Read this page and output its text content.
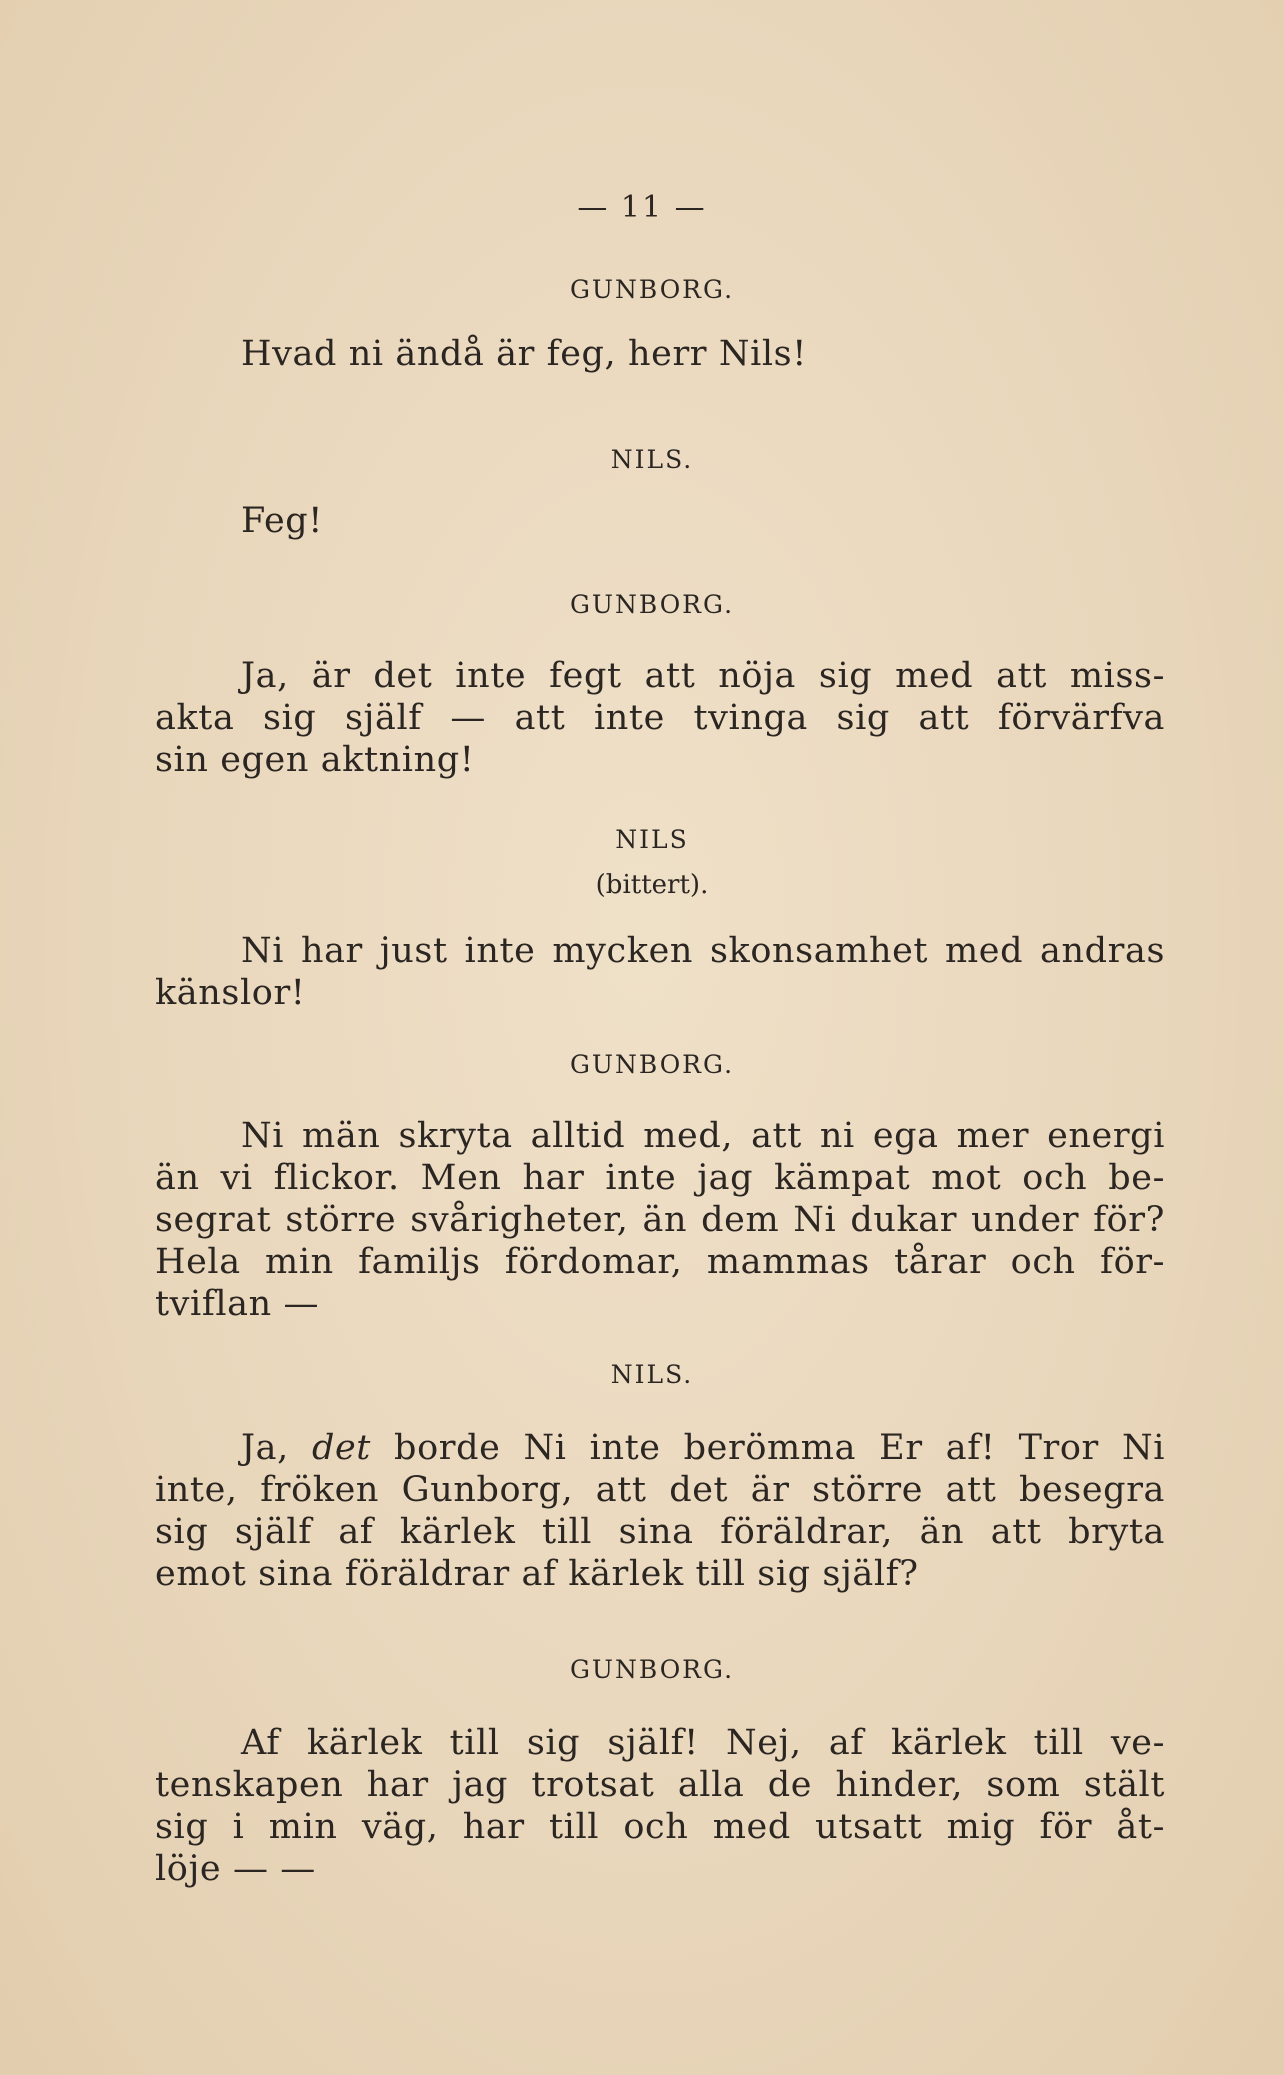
— 11 —
GUNBORG.
Hvad ni ändå är feg, herr Nils!
NILS.
Feg!
GUNBORG.
Ja, är det inte fegt att nöja sig med att miss-
akta sig själf — att inte tvinga sig att förvärfva
sin egen aktning!
NILS
(bittert).
Ni har just inte mycken skonsamhet med andras
känslor!
GUNBORG.
Ni män skryta alltid med, att ni ega mer energi
än vi flickor. Men har inte jag kämpat mot och be-
segrat större svårigheter, än dem Ni dukar under för?
Hela min familjs fördomar, mammas tårar och för-
tviflan —
NILS.
Ja, det borde Ni inte berömma Er af! Tror Ni
inte, fröken Gunborg, att det är större att besegra
sig själf af kärlek till sina föräldrar, än att bryta
emot sina föräldrar af kärlek till sig själf?
GUNBORG.
Af kärlek till sig själf! Nej, af kärlek till ve-
tenskapen har jag trotsat alla de hinder, som stält
sig i min väg, har till och med utsatt mig för åt-
löje — —
